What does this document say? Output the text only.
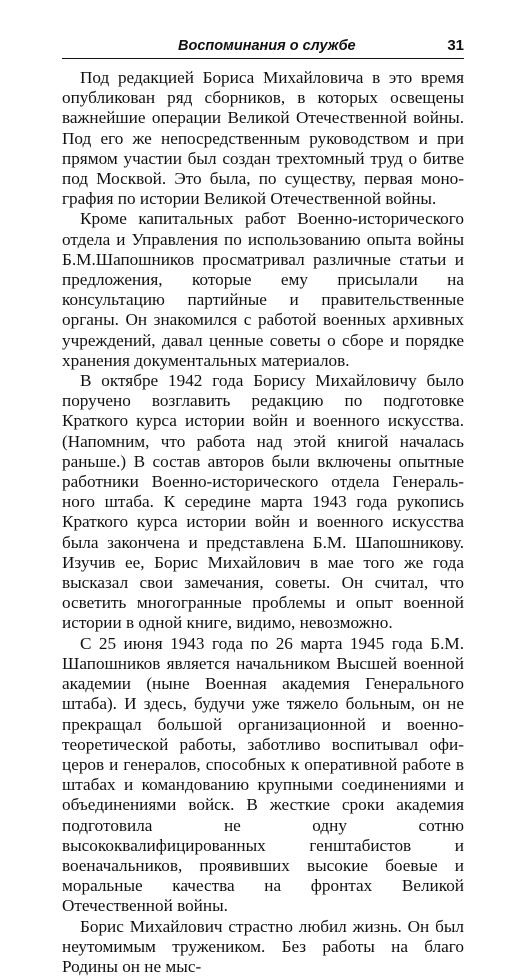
Воспоминания о службе	31

Под редакцией Бориса Михайловича в это время опубликован ряд сборников, в которых освещены важнейшие операции Великой Отечественной войны. Под его же непосредственным руководством и при прямом участии был создан трехтомный труд о битве под Москвой. Это была, по существу, первая монография по истории Великой Отечественной войны.

Кроме капитальных работ Военно-исторического отдела и Управления по использованию опыта войны Б.М.Шапошников просматривал различные статьи и предложения, которые ему присылали на консультацию партийные и правительственные органы. Он знакомился с работой военных архивных учреждений, давал ценные советы о сборе и порядке хранения документальных материалов.

В октябре 1942 года Борису Михайловичу было поручено возглавить редакцию по подготовке Краткого курса истории войн и военного искусства. (Напомним, что работа над этой книгой началась раньше.) В состав авторов были включены опытные работники Военно-исторического отдела Генерального штаба. К середине марта 1943 года рукопись Краткого курса истории войн и военного искусства была закончена и представлена Б.М. Шапошникову. Изучив ее, Борис Михайлович в мае того же года высказал свои замечания, советы. Он считал, что осветить многогранные проблемы и опыт военной истории в одной книге, видимо, невозможно.

С 25 июня 1943 года по 26 марта 1945 года Б.М. Шапошников является начальником Высшей военной академии (ныне Военная академия Генерального штаба). И здесь, будучи уже тяжело больным, он не прекращал большой организационной и военно-теоретической работы, заботливо воспитывал офицеров и генералов, способных к оперативной работе в штабах и командованию крупными соединениями и объединениями войск. В жесткие сроки академия подготовила не одну сотню высококвалифицированных генштабистов и военачальников, проявивших высокие боевые и моральные качества на фронтах Великой Отечественной войны.

Борис Михайлович страстно любил жизнь. Он был неутомимым тружеником. Без работы на благо Родины он не мыс-
